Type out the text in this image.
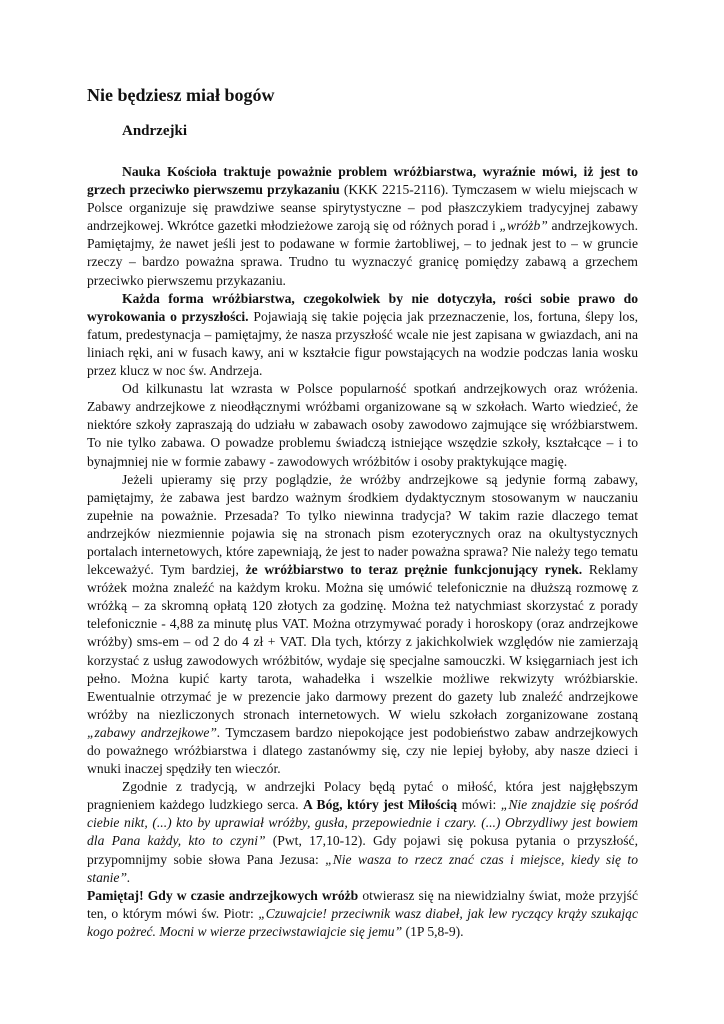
Nie będziesz miał bogów
Andrzejki

Nauka Kościoła traktuje poważnie problem wróżbiarstwa, wyraźnie mówi, iż jest to grzech przeciwko pierwszemu przykazaniu (KKK 2215-2116). Tymczasem w wielu miejscach w Polsce organizuje się prawdziwe seanse spirytystyczne – pod płaszczykiem tradycyjnej zabawy andrzejkowej. Wkrótce gazetki młodzieżowe zaroją się od różnych porad i „wróżb” andrzejkowych. Pamiętajmy, że nawet jeśli jest to podawane w formie żartobliwej, – to jednak jest to – w gruncie rzeczy – bardzo poważna sprawa. Trudno tu wyznaczyć granicę pomiędzy zabawą a grzechem przeciwko pierwszemu przykazaniu.

Każda forma wróżbiarstwa, czegokolwiek by nie dotyczyła, rości sobie prawo do wyrokowania o przyszłości. Pojawiają się takie pojęcia jak przeznaczenie, los, fortuna, ślepy los, fatum, predestynacja – pamiętajmy, że nasza przyszłość wcale nie jest zapisana w gwiazdach, ani na liniach ręki, ani w fusach kawy, ani w kształcie figur powstających na wodzie podczas lania wosku przez klucz w noc św. Andrzeja.

Od kilkunastu lat wzrasta w Polsce popularność spotkań andrzejkowych oraz wróżenia. Zabawy andrzejkowe z nieodłącznymi wróżbami organizowane są w szkołach. Warto wiedzieć, że niektóre szkoły zapraszają do udziału w zabawach osoby zawodowo zajmujące się wróżbiarstwem. To nie tylko zabawa. O powadze problemu świadczą istniejące wszędzie szkoły, kształcące – i to bynajmniej nie w formie zabawy - zawodowych wróżbitów i osoby praktykujące magię.

Jeżeli upieramy się przy poglądzie, że wróżby andrzejkowe są jedynie formą zabawy, pamiętajmy, że zabawa jest bardzo ważnym środkiem dydaktycznym stosowanym w nauczaniu zupełnie na poważnie. Przesada? To tylko niewinna tradycja? W takim razie dlaczego temat andrzejków niezmiennie pojawia się na stronach pism ezoterycznych oraz na okultystycznych portalach internetowych, które zapewniają, że jest to nader poważna sprawa? Nie należy tego tematu lekceważyć. Tym bardziej, że wróżbiarstwo to teraz prężnie funkcjonujący rynek. Reklamy wróżek można znaleźć na każdym kroku. Można się umówić telefonicznie na dłuższą rozmowę z wróżką – za skromną opłatą 120 złotych za godzinę. Można też natychmiast skorzystać z porady telefonicznie - 4,88 za minutę plus VAT. Można otrzymywać porady i horoskopy (oraz andrzejkowe wróżby) sms-em – od 2 do 4 zł + VAT. Dla tych, którzy z jakichkolwiek względów nie zamierzają korzystać z usług zawodowych wróżbitów, wydaje się specjalne samouczki. W księgarniach jest ich pełno. Można kupić karty tarota, wahadełka i wszelkie możliwe rekwizyty wróżbiarskie. Ewentualnie otrzymać je w prezencie jako darmowy prezent do gazety lub znaleźć andrzejkowe wróżby na niezliczonych stronach internetowych. W wielu szkołach zorganizowane zostaną „zabawy andrzejkowe”. Tymczasem bardzo niepokojące jest podobieństwo zabaw andrzejkowych do poważnego wróżbiarstwa i dlatego zastanówmy się, czy nie lepiej byłoby, aby nasze dzieci i wnuki inaczej spędziły ten wieczór.

Zgodnie z tradycją, w andrzejki Polacy będą pytać o miłość, która jest najgłębszym pragnieniem każdego ludzkiego serca. A Bóg, który jest Miłością mówi: „Nie znajdzie się pośród ciebie nikt, (...) kto by uprawiał wróżby, gusła, przepowiednie i czary. (...) Obrzydliwy jest bowiem dla Pana każdy, kto to czyni” (Pwt, 17,10-12). Gdy pojawi się pokusa pytania o przyszłość, przypomnijmy sobie słowa Pana Jezusa: „Nie wasza to rzecz znać czas i miejsce, kiedy się to stanie”.

Pamiętaj! Gdy w czasie andrzejkowych wróżb otwierasz się na niewidzialny świat, może przyjść ten, o którym mówi św. Piotr: „Czuwajcie! przeciwnik wasz diabeł, jak lew ryczący krąży szukając kogo pożreć. Mocni w wierze przeciwstawiajcie się jemu” (1P 5,8-9).
